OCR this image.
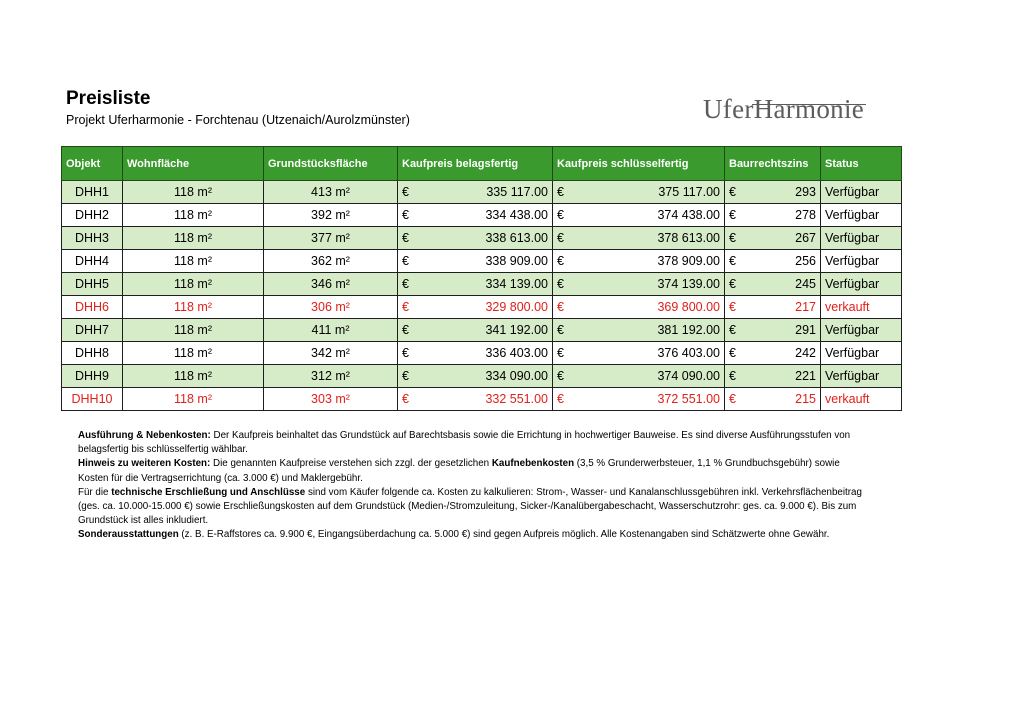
Preisliste
Projekt Uferharmonie - Forchtenau (Utzenaich/Aurolzmünster)	UferHarmonie
Objekt	Wohnfläche	Grundstücksfläche	Kaufpreis belagsfertig	Kaufpreis schlüsselfertig	Baurrechtszins	Status
DHH1	118 m²	413 m²	€ 335 117.00	€ 375 117.00	€ 293	Verfügbar
DHH2	118 m²	392 m²	€ 334 438.00	€ 374 438.00	€ 278	Verfügbar
DHH3	118 m²	377 m²	€ 338 613.00	€ 378 613.00	€ 267	Verfügbar
DHH4	118 m²	362 m²	€ 338 909.00	€ 378 909.00	€ 256	Verfügbar
DHH5	118 m²	346 m²	€ 334 139.00	€ 374 139.00	€ 245	Verfügbar
DHH6	118 m²	306 m²	€ 329 800.00	€ 369 800.00	€ 217	verkauft
DHH7	118 m²	411 m²	€ 341 192.00	€ 381 192.00	€ 291	Verfügbar
DHH8	118 m²	342 m²	€ 336 403.00	€ 376 403.00	€ 242	Verfügbar
DHH9	118 m²	312 m²	€ 334 090.00	€ 374 090.00	€ 221	Verfügbar
DHH10	118 m²	303 m²	€ 332 551.00	€ 372 551.00	€ 215	verkauft

Ausführung & Nebenkosten: Der Kaufpreis beinhaltet das Grundstück auf Barechtsbasis sowie die Errichtung in hochwertiger Bauweise. Es sind diverse Ausführungsstufen von belagsfertig bis schlüsselfertig wählbar.

Hinweis zu weiteren Kosten: Die genannten Kaufpreise verstehen sich zzgl. der gesetzlichen Kaufnebenkosten (3,5 % Grunderwerbsteuer, 1,1 % Grundbuchsgebühr) sowie Kosten für die Vertragserrichtung (ca. 3.000 €) und Maklergebühr.

Für die technische Erschließung und Anschlüsse sind vom Käufer folgende ca. Kosten zu kalkulieren: Strom-, Wasser- und Kanalanschlussgebühren inkl. Verkehrsflächenbeitrag (ges. ca. 10.000-15.000 €) sowie Erschließungskosten auf dem Grundstück (Medien-/Stromzuleitung, Sicker-/Kanalübergabeschacht, Wasserschutzrohr: ges. ca. 9.000 €). Bis zum Grundstück ist alles inkludiert.

Sonderausstattungen (z. B. E-Raffstores ca. 9.900 €, Eingangsüberdachung ca. 5.000 €) sind gegen Aufpreis möglich. Alle Kostenangaben sind Schätzwerte ohne Gewähr.
